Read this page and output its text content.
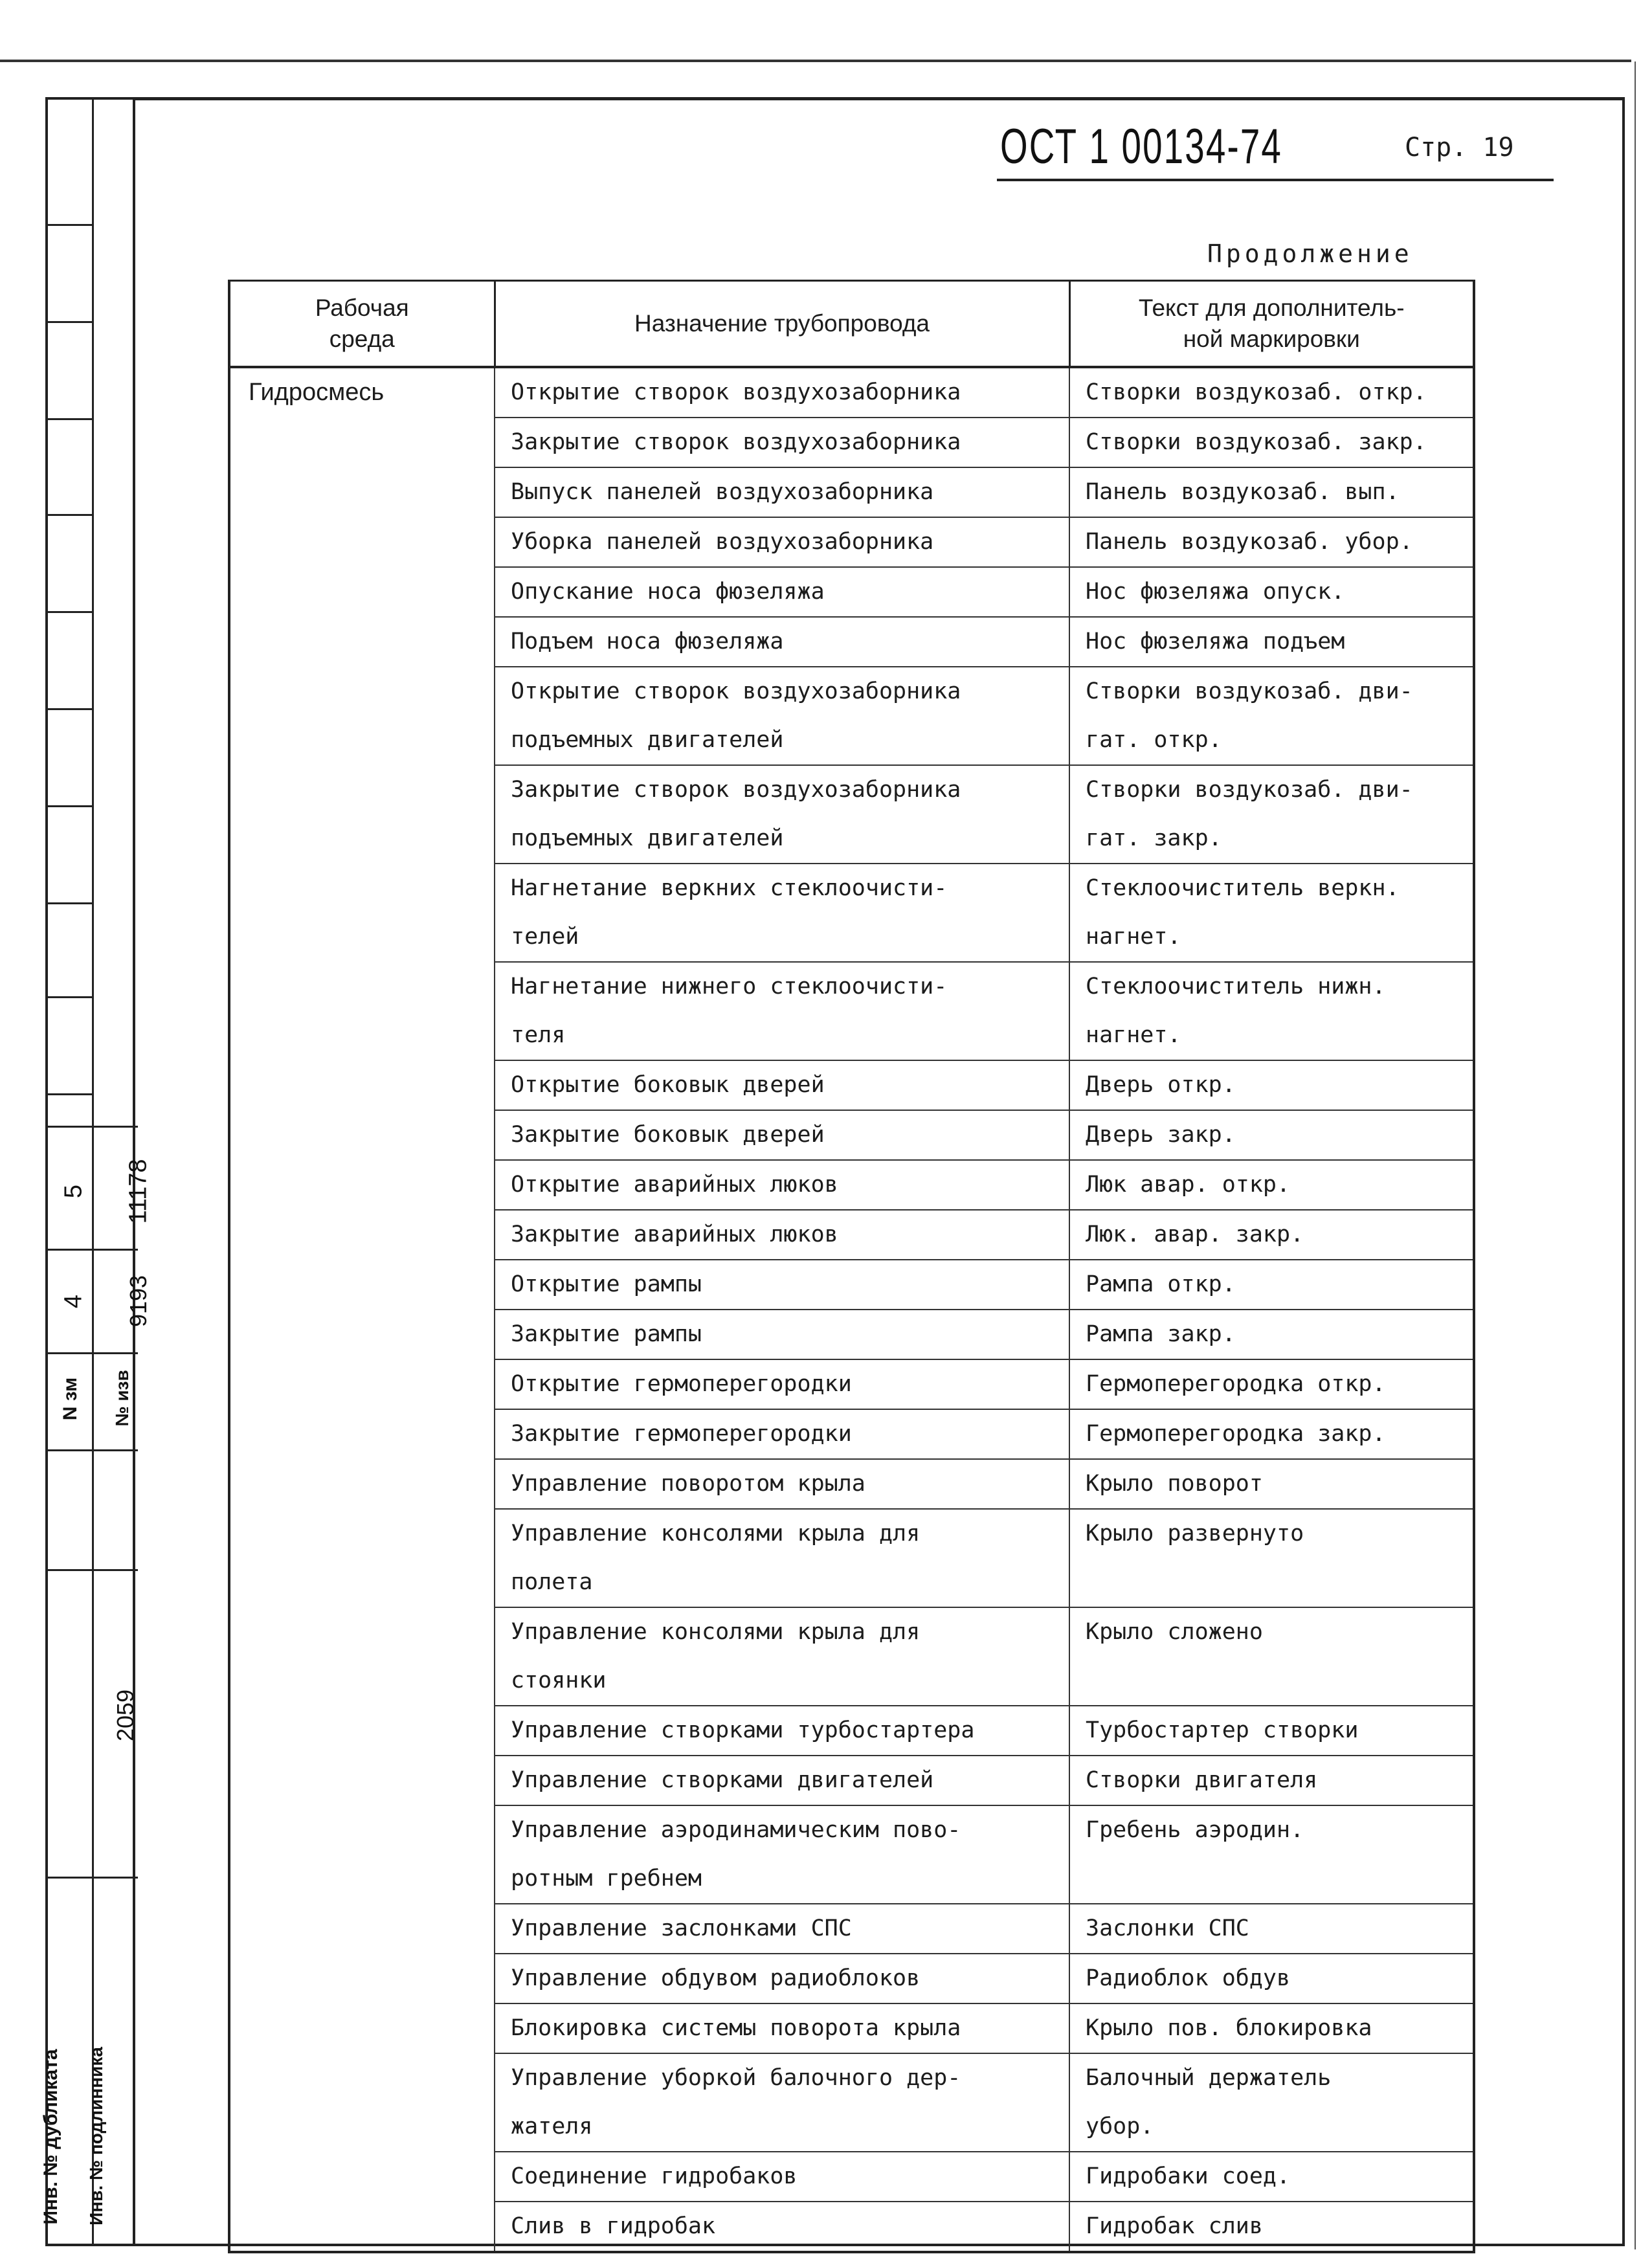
5 11178
4 9193
N зм № изв
2059
Инв. № дубликата Инв. № подлинника
ОСТ 1 00134-74	Стр. 19
Продолжение
Рабочая
среда	Назначение трубопровода	Текст для дополнитель-
ной маркировки
Гидросмесь	Открытие створок воздухозаборника	Створки воздукозаб. откр.
	Закрытие створок воздухозаборника	Створки воздукозаб. закр.
	Выпуск панелей воздухозаборника	Панель воздукозаб. вып.
	Уборка панелей воздухозаборника	Панель воздукозаб. убор.
	Опускание носа фюзеляжа	Нос фюзеляжа опуск.
	Подъем носа фюзеляжа	Нос фюзеляжа подъем
	Открытие створок воздухозаборника
подъемных двигателей	Створки воздукозаб. дви-
гат. откр.
	Закрытие створок воздухозаборника
подъемных двигателей	Створки воздукозаб. дви-
гат. закр.
	Нагнетание веркних стеклоочисти-
телей	Стеклоочиститель веркн.
нагнет.
	Нагнетание нижнего стеклоочисти-
теля	Стеклоочиститель нижн.
нагнет.
	Открытие боковык дверей	Дверь откр.
	Закрытие боковык дверей	Дверь закр.
	Открытие аварийных люков	Люк авар. откр.
	Закрытие аварийных люков	Люк. авар. закр.
	Открытие рампы	Рампа откр.
	Закрытие рампы	Рампа закр.
	Открытие гермоперегородки	Гермоперегородка откр.
	Закрытие гермоперегородки	Гермоперегородка закр.
	Управление поворотом крыла	Крыло поворот
	Управление консолями крыла для
полета	Крыло развернуто
	Управление консолями крыла для
стоянки	Крыло сложено
	Управление створками турбостартера	Турбостартер створки
	Управление створками двигателей	Створки двигателя
	Управление аэродинамическим пово-
ротным гребнем	Гребень аэродин.
	Управление заслонками СПС	Заслонки СПС
	Управление обдувом радиоблоков	Радиоблок обдув
	Блокировка системы поворота крыла	Крыло пов. блокировка
	Управление уборкой балочного дер-
жателя	Балочный держатель
убор.
	Соединение гидробаков	Гидробаки соед.
	Слив в гидробак	Гидробак слив
